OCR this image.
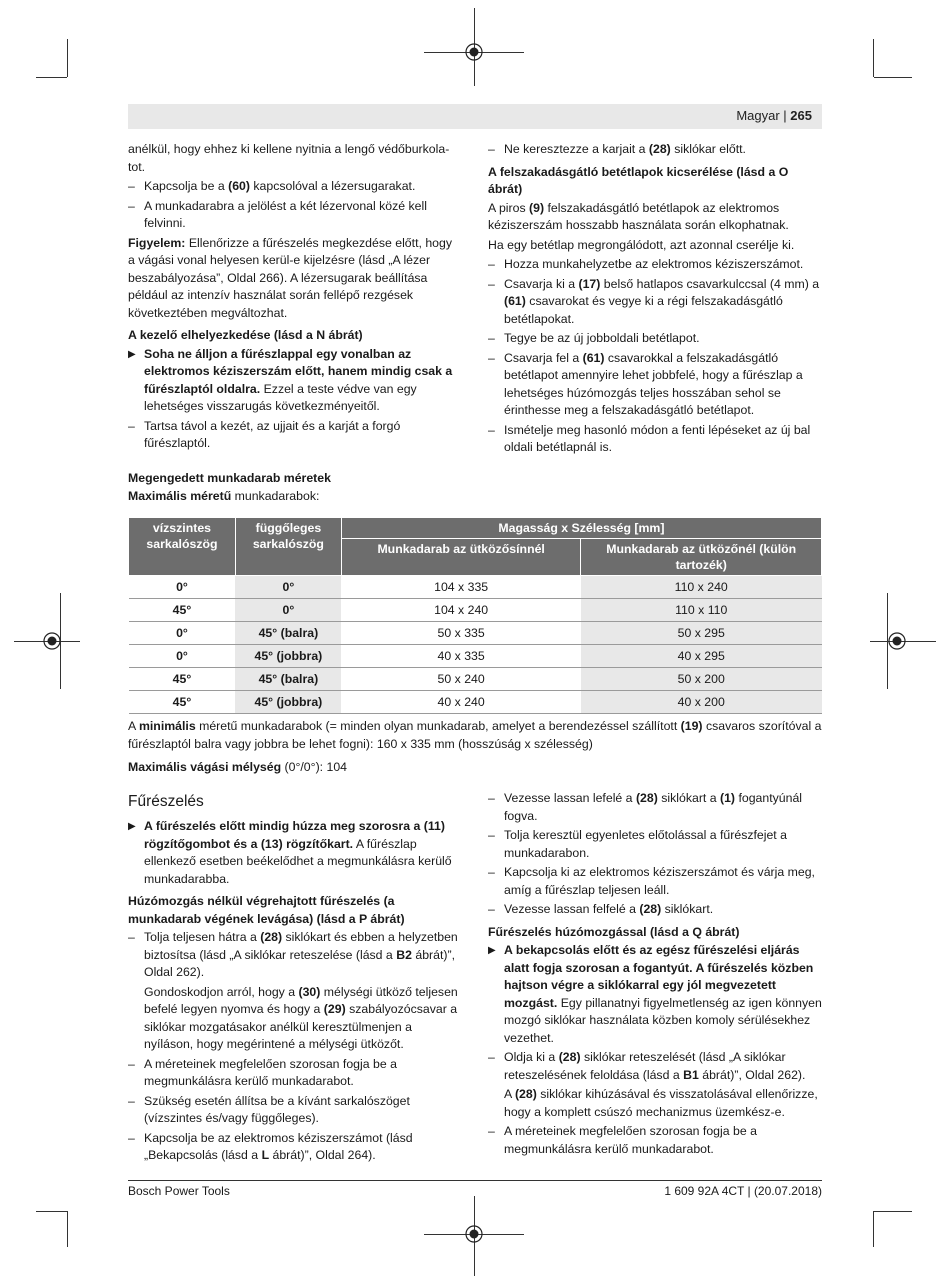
Magyar | 265

anélkül, hogy ehhez ki kellene nyitnia a lengő védőburkola-tot.

– Kapcsolja be a (60) kapcsolóval a lézersugarakat.

– A munkadarabra a jelölést a két lézervonal közé kell felvinni.

Figyelem: Ellenőrizze a fűrészelés megkezdése előtt, hogy a vágási vonal helyesen kerül-e kijelzésre (lásd „A lézer beszabályozása”, Oldal 266). A lézersugarak beállítása például az intenzív használat során fellépő rezgések következtében megváltozhat.

A kezelő elhelyezkedése (lásd a N ábrát)

▶ Soha ne álljon a fűrészlappal egy vonalban az elektromos kéziszerszám előtt, hanem mindig csak a fűrészlaptól oldalra. Ezzel a teste védve van egy lehetséges visszarugás következményeitől.

– Tartsa távol a kezét, az ujjait és a karját a forgó fűrészlaptól.

– Ne keresztezze a karjait a (28) siklókar előtt.

A felszakadásgátló betétlapok kicserélése (lásd a O ábrát)

A piros (9) felszakadásgátló betétlapok az elektromos kéziszerszám hosszabb használata során elkophatnak.

Ha egy betétlap megrongálódott, azt azonnal cserélje ki.

– Hozza munkahelyzetbe az elektromos kéziszerszámot.

– Csavarja ki a (17) belső hatlapos csavarkulccsal (4 mm) a (61) csavarokat és vegye ki a régi felszakadásgátló betétlapokat.

– Tegye be az új jobboldali betétlapot.

– Csavarja fel a (61) csavarokkal a felszakadásgátló betétlapot amennyire lehet jobbfelé, hogy a fűrészlap a lehetséges húzómozgás teljes hosszában sehol se érinthesse meg a felszakadásgátló betétlapot.

– Ismételje meg hasonló módon a fenti lépéseket az új bal oldali betétlapnál is.

Megengedett munkadarab méretek

Maximális méretű munkadarabok:

vízszintes sarkalószög	függőleges sarkalószög	Magasság x Szélesség [mm]	
		Munkadarab az ütközősínnél	Munkadarab az ütközőnél (külön tartozék)
0°	0°	104 x 335	110 x 240
45°	0°	104 x 240	110 x 110
0°	45° (balra)	50 x 335	50 x 295
0°	45° (jobbra)	40 x 335	40 x 295
45°	45° (balra)	50 x 240	50 x 200
45°	45° (jobbra)	40 x 240	40 x 200

A minimális méretű munkadarabok (= minden olyan munkadarab, amelyet a berendezéssel szállított (19) csavaros szorítóval a fűrészlaptól balra vagy jobbra be lehet fogni): 160 x 335 mm (hosszúság x szélesség)

Maximális vágási mélység (0°/0°): 104

Fűrészelés

▶ A fűrészelés előtt mindig húzza meg szorosra a (11) rögzítőgombot és a (13) rögzítőkart. A fűrészlap ellenkező esetben beékelődhet a megmunkálásra kerülő munkadarabba.

Húzómozgás nélkül végrehajtott fűrészelés (a munkadarab végének levágása) (lásd a P ábrát)

– Tolja teljesen hátra a (28) siklókart és ebben a helyzetben biztosítsa (lásd „A siklókar reteszelése (lásd a B2 ábrát)”, Oldal 262).

Gondoskodjon arról, hogy a (30) mélységi ütköző teljesen befelé legyen nyomva és hogy a (29) szabályozócsavar a siklókar mozgatásakor anélkül keresztülmenjen a nyíláson, hogy megérintené a mélységi ütközőt.

– A méreteinek megfelelően szorosan fogja be a megmunkálásra kerülő munkadarabot.

– Szükség esetén állítsa be a kívánt sarkalószöget (vízszintes és/vagy függőleges).

– Kapcsolja be az elektromos kéziszerszámot (lásd „Bekapcsolás (lásd a L ábrát)”, Oldal 264).

– Vezesse lassan lefelé a (28) siklókart a (1) fogantyúnál fogva.

– Tolja keresztül egyenletes előtolással a fűrészfejet a munkadarabon.

– Kapcsolja ki az elektromos kéziszerszámot és várja meg, amíg a fűrészlap teljesen leáll.

– Vezesse lassan felfelé a (28) siklókart.

Fűrészelés húzómozgással (lásd a Q ábrát)

▶ A bekapcsolás előtt és az egész fűrészelési eljárás alatt fogja szorosan a fogantyút. A fűrészelés közben hajtson végre a siklókarral egy jól megvezetett mozgást. Egy pillanatnyi figyelmetlenség az igen könnyen mozgó siklókar használata közben komoly sérülésekhez vezethet.

– Oldja ki a (28) siklókar reteszelését (lásd „A siklókar reteszelésének feloldása (lásd a B1 ábrát)”, Oldal 262).

A (28) siklókar kihúzásával és visszatolásával ellenőrizze, hogy a komplett csúszó mechanizmus üzemkész-e.

– A méreteinek megfelelően szorosan fogja be a megmunkálásra kerülő munkadarabot.

Bosch Power Tools	1 609 92A 4CT | (20.07.2018)
